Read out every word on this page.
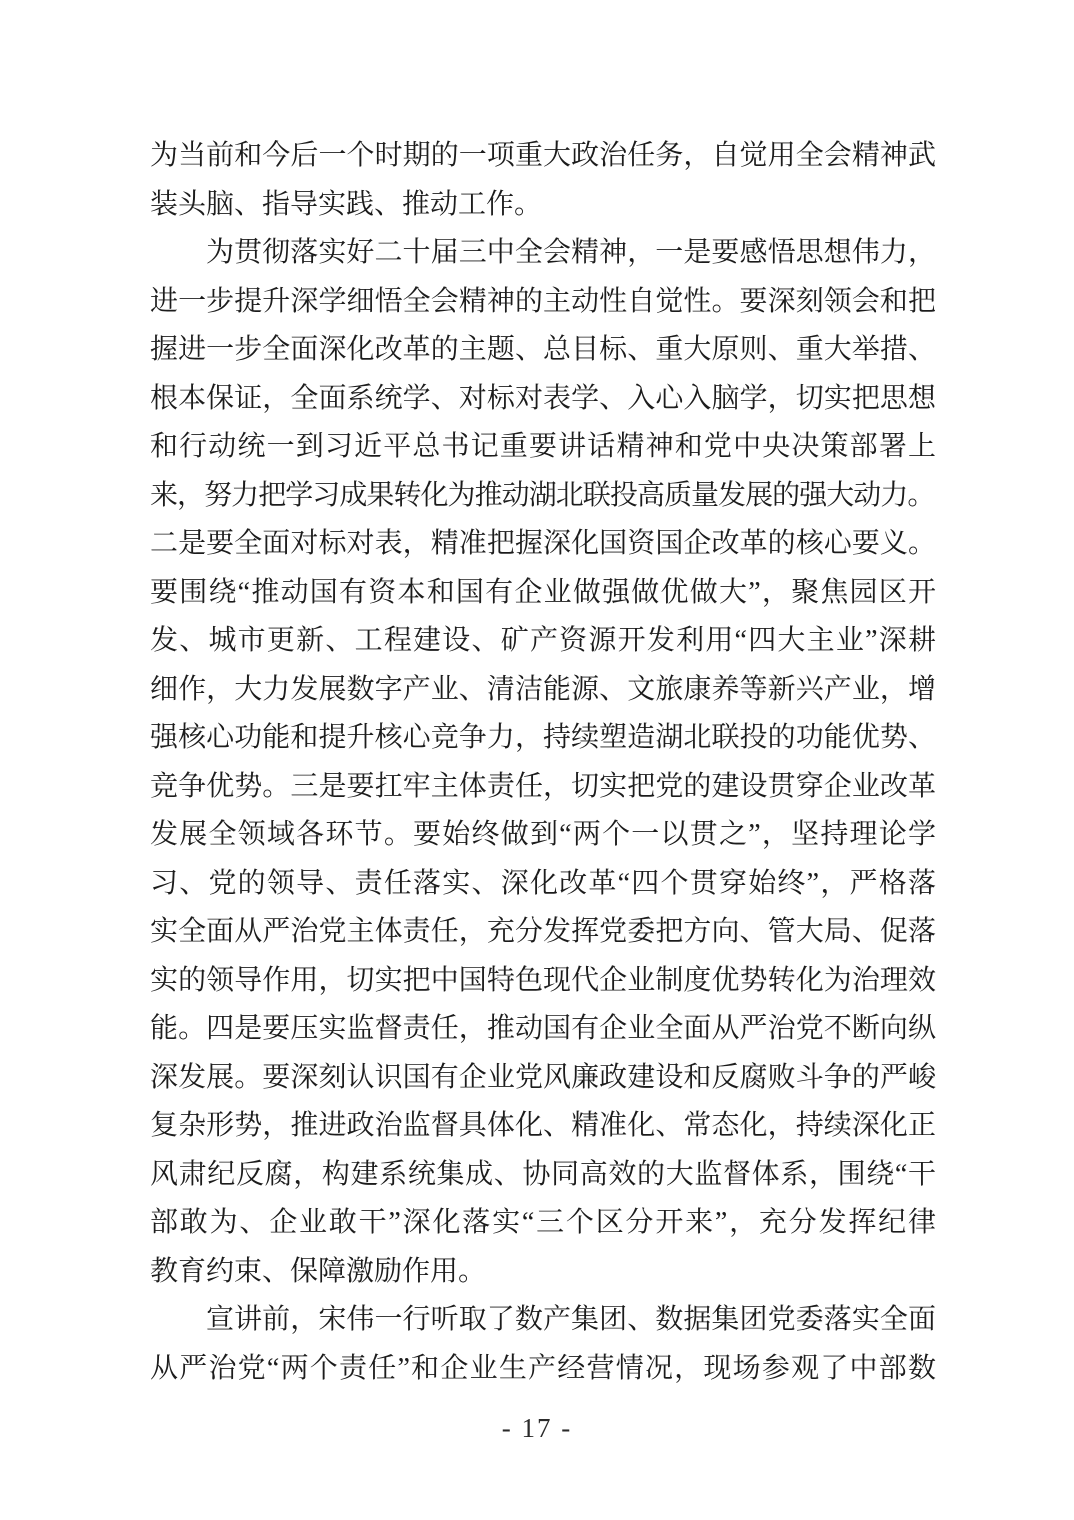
为当前和今后一个时期的一项重大政治任务，自觉用全会精神武
装头脑、指导实践、推动工作。
为贯彻落实好二十届三中全会精神，一是要感悟思想伟力，
进一步提升深学细悟全会精神的主动性自觉性。要深刻领会和把
握进一步全面深化改革的主题、总目标、重大原则、重大举措、
根本保证，全面系统学、对标对表学、入心入脑学，切实把思想
和行动统一到习近平总书记重要讲话精神和党中央决策部署上
来，努力把学习成果转化为推动湖北联投高质量发展的强大动力。
二是要全面对标对表，精准把握深化国资国企改革的核心要义。
要围绕“推动国有资本和国有企业做强做优做大”，聚焦园区开
发、城市更新、工程建设、矿产资源开发利用“四大主业”深耕
细作，大力发展数字产业、清洁能源、文旅康养等新兴产业，增
强核心功能和提升核心竞争力，持续塑造湖北联投的功能优势、
竞争优势。三是要扛牢主体责任，切实把党的建设贯穿企业改革
发展全领域各环节。要始终做到“两个一以贯之”，坚持理论学
习、党的领导、责任落实、深化改革“四个贯穿始终”，严格落
实全面从严治党主体责任，充分发挥党委把方向、管大局、促落
实的领导作用，切实把中国特色现代企业制度优势转化为治理效
能。四是要压实监督责任，推动国有企业全面从严治党不断向纵
深发展。要深刻认识国有企业党风廉政建设和反腐败斗争的严峻
复杂形势，推进政治监督具体化、精准化、常态化，持续深化正
风肃纪反腐，构建系统集成、协同高效的大监督体系，围绕“干
部敢为、企业敢干”深化落实“三个区分开来”，充分发挥纪律
教育约束、保障激励作用。
宣讲前，宋伟一行听取了数产集团、数据集团党委落实全面
从严治党“两个责任”和企业生产经营情况，现场参观了中部数
- 17 -
